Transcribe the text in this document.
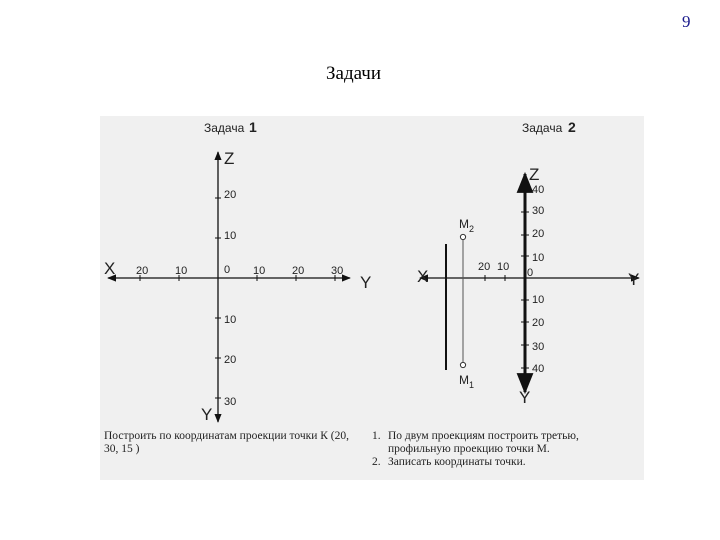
9
Задачи
Задача 1
X
Y
Z
Y
20 10	0 10 20 30
20
10
10
20
30
Задача 2
X	Y
Z
Y
20 10 0
40
30
20
10
10
20
30
40
$M_2$
$M_1$
Построить по координатам проекции точки К (20, 30, 15 )
1. По двум проекциям построить третью, профильную проекцию точки М.
2. Записать координаты точки.
